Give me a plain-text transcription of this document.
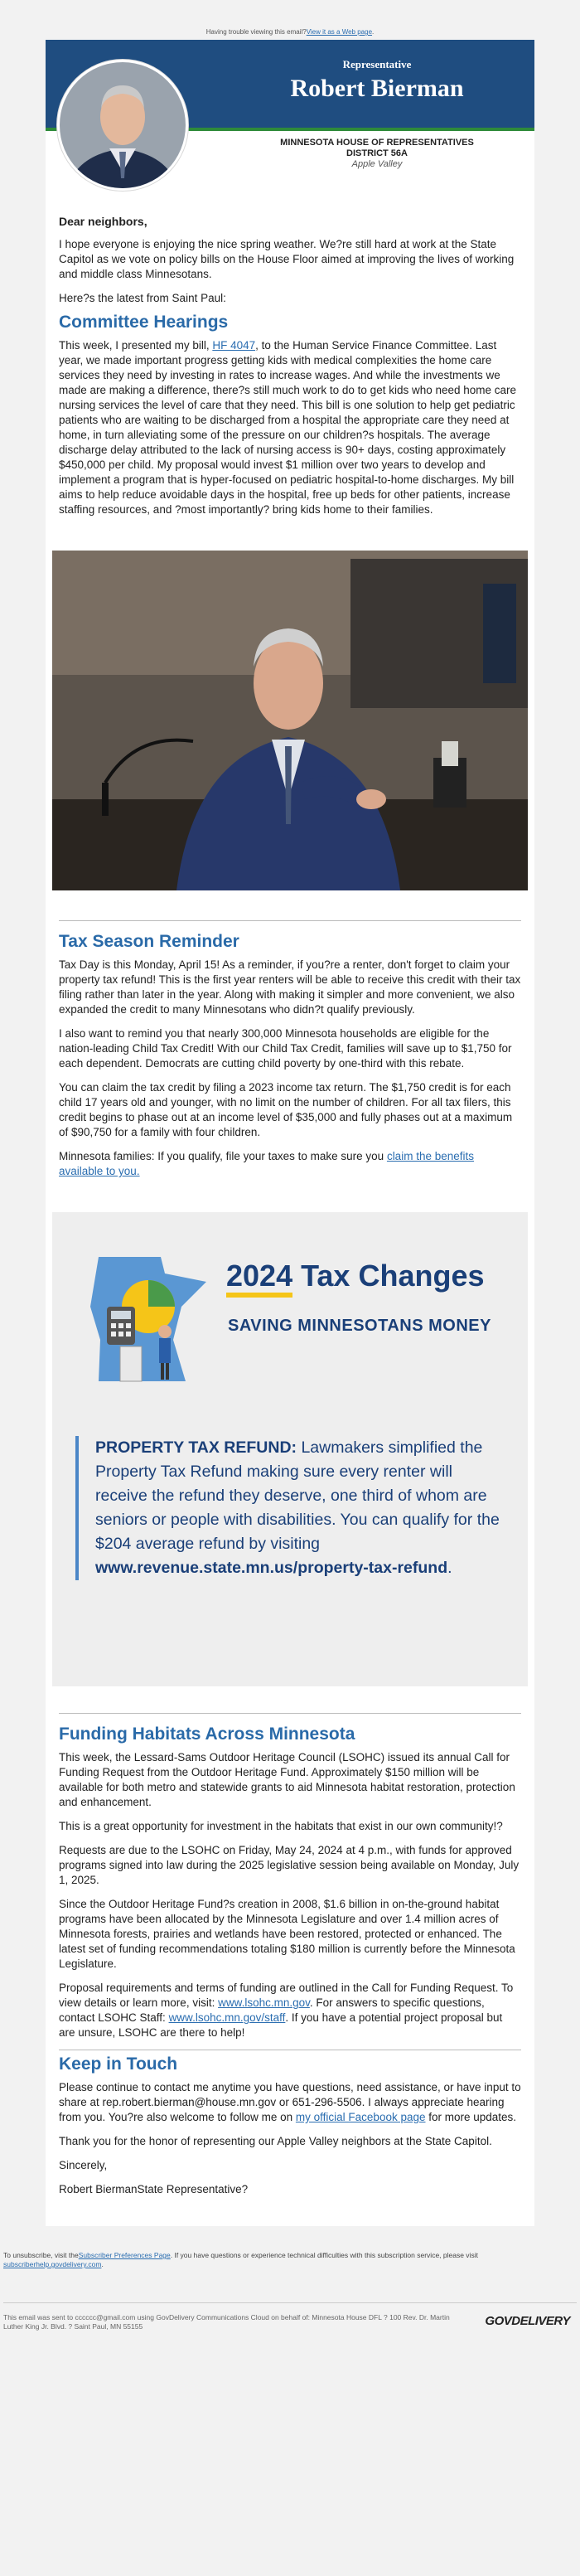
Having trouble viewing this email?View it as a Web page.
Representative
Robert Bierman
MINNESOTA HOUSE OF REPRESENTATIVES
DISTRICT 56A
Apple Valley
Dear neighbors,

I hope everyone is enjoying the nice spring weather. We?re still hard at work at the State Capitol as we vote on policy bills on the House Floor aimed at improving the lives of working and middle class Minnesotans.

Here?s the latest from Saint Paul:

Committee Hearings

This week, I presented my bill, HF 4047, to the Human Service Finance Committee. Last year, we made important progress getting kids with medical complexities the home care services they need by investing in rates to increase wages. And while the investments we made are making a difference, there?s still much work to do to get kids who need home care nursing services the level of care that they need. This bill is one solution to help get pediatric patients who are waiting to be discharged from a hospital the appropriate care they need at home, in turn alleviating some of the pressure on our children?s hospitals. The average discharge delay attributed to the lack of nursing access is 90+ days, costing approximately $450,000 per child. My proposal would invest $1 million over two years to develop and implement a program that is hyper-focused on pediatric hospital-to-home discharges. My bill aims to help reduce avoidable days in the hospital, free up beds for other patients, increase staffing resources, and ?most importantly? bring kids home to their families.

Tax Season Reminder

Tax Day is this Monday, April 15! As a reminder, if you?re a renter, don't forget to claim your property tax refund! This is the first year renters will be able to receive this credit with their tax filing rather than later in the year. Along with making it simpler and more convenient, we also expanded the credit to many Minnesotans who didn?t qualify previously.

I also want to remind you that nearly 300,000 Minnesota households are eligible for the nation-leading Child Tax Credit! With our Child Tax Credit, families will save up to $1,750 for each dependent. Democrats are cutting child poverty by one-third with this rebate.

You can claim the tax credit by filing a 2023 income tax return. The $1,750 credit is for each child 17 years old and younger, with no limit on the number of children. For all tax filers, this credit begins to phase out at an income level of $35,000 and fully phases out at a maximum of $90,750 for a family with four children.

Minnesota families: If you qualify, file your taxes to make sure you claim the benefits available to you.

2024 Tax Changes
SAVING MINNESOTANS MONEY
PROPERTY TAX REFUND: Lawmakers simplified the Property Tax Refund making sure every renter will receive the refund they deserve, one third of whom are seniors or people with disabilities. You can qualify for the $204 average refund by visiting www.revenue.state.mn.us/property-tax-refund.
Funding Habitats Across Minnesota

This week, the Lessard-Sams Outdoor Heritage Council (LSOHC) issued its annual Call for Funding Request from the Outdoor Heritage Fund. Approximately $150 million will be available for both metro and statewide grants to aid Minnesota habitat restoration, protection and enhancement.

This is a great opportunity for investment in the habitats that exist in our own community!?

Requests are due to the LSOHC on Friday, May 24, 2024 at 4 p.m., with funds for approved programs signed into law during the 2025 legislative session being available on Monday, July 1, 2025.

Since the Outdoor Heritage Fund?s creation in 2008, $1.6 billion in on-the-ground habitat programs have been allocated by the Minnesota Legislature and over 1.4 million acres of Minnesota forests, prairies and wetlands have been restored, protected or enhanced. The latest set of funding recommendations totaling $180 million is currently before the Minnesota Legislature.

Proposal requirements and terms of funding are outlined in the Call for Funding Request. To view details or learn more, visit: www.lsohc.mn.gov. For answers to specific questions, contact LSOHC Staff: www.lsohc.mn.gov/staff. If you have a potential project proposal but are unsure, LSOHC are there to help!

Keep in Touch

Please continue to contact me anytime you have questions, need assistance, or have input to share at rep.robert.bierman@house.mn.gov or 651-296-5506. I always appreciate hearing from you. You?re also welcome to follow me on my official Facebook page for more updates.

Thank you for the honor of representing our Apple Valley neighbors at the State Capitol.

Sincerely,

Robert BiermanState Representative?

To unsubscribe, visit theSubscriber Preferences Page. If you have questions or experience technical difficulties with this subscription service, please visit
subscriberhelp.govdelivery.com.
This email was sent to cccccc@gmail.com using GovDelivery Communications Cloud on behalf of: Minnesota House DFL ? 100 Rev. Dr. Martin Luther King Jr. Blvd. ? Saint Paul, MN 55155	GOVDELIVERY
